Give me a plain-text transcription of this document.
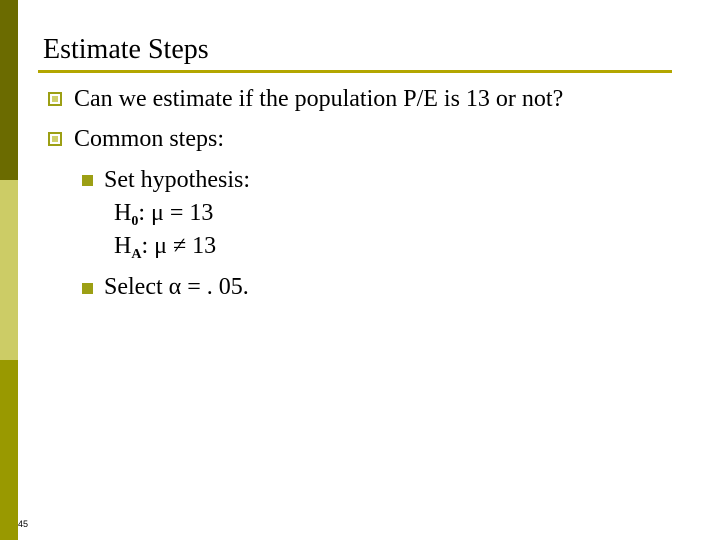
Estimate Steps
Can we estimate if the population P/E is 13 or not?
Common steps:
Set hypothesis:
$H_0$: μ = 13
$H_A$: μ ≠ 13
Select α = . 05.
45
